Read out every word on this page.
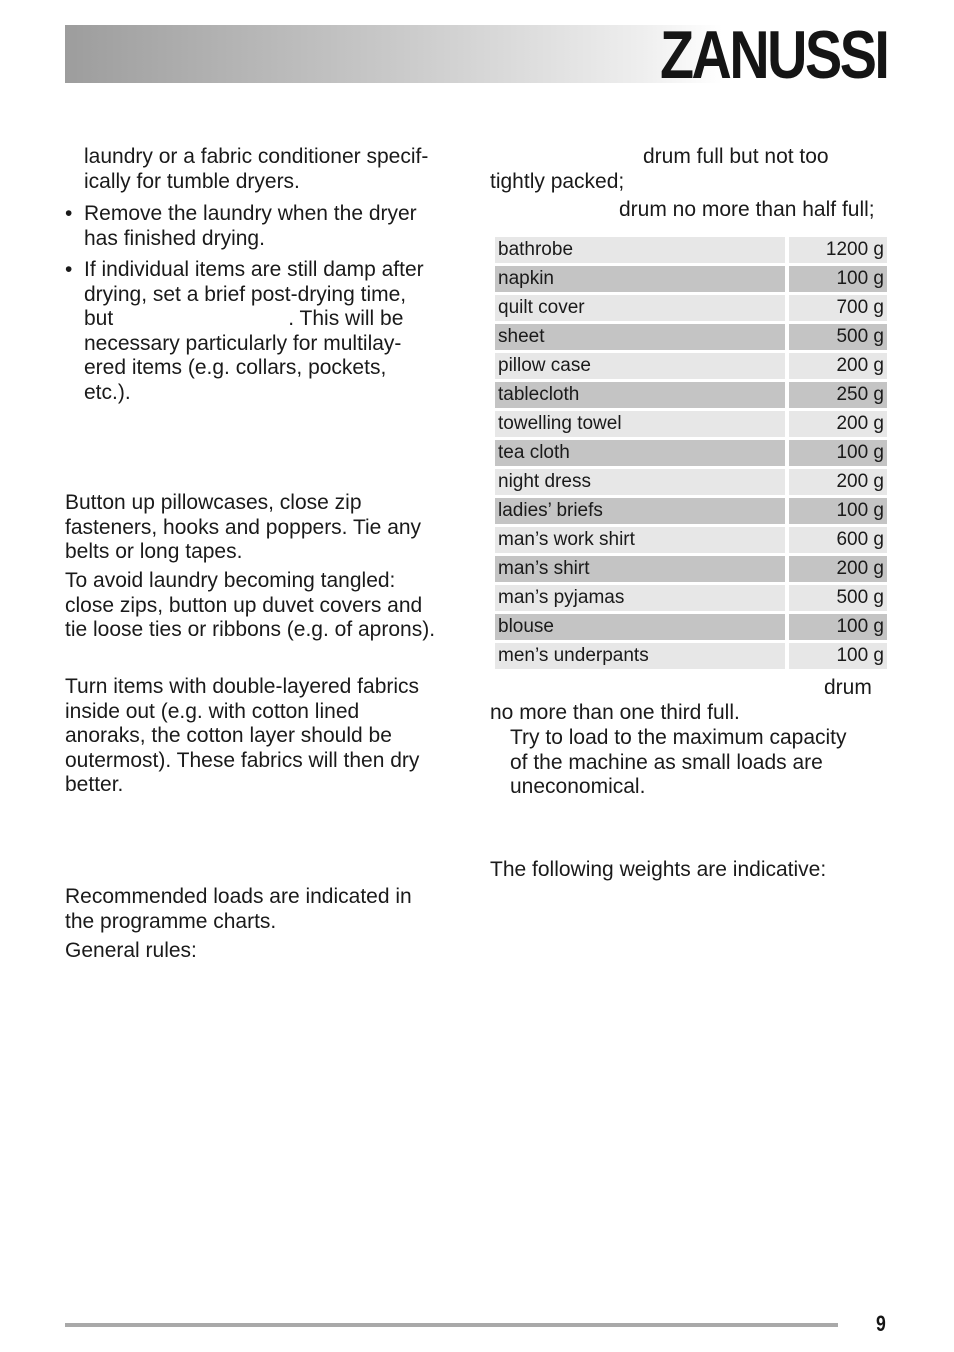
ZANUSSI

laundry or a fabric conditioner specif-
ically for tumble dryers.

• Remove the laundry when the dryer
has finished drying.
• If individual items are still damp after
drying, set a brief post-drying time,
but                              . This will be
necessary particularly for multilay-
ered items (e.g. collars, pockets,
etc.).

Button up pillowcases, close zip
fasteners, hooks and poppers. Tie any
belts or long tapes.

To avoid laundry becoming tangled:
close zips, button up duvet covers and
tie loose ties or ribbons (e.g. of aprons).

Turn items with double-layered fabrics
inside out (e.g. with cotton lined
anoraks, the cotton layer should be
outermost). These fabrics will then dry
better.

Recommended loads are indicated in
the programme charts.

General rules:

drum full but not too

tightly packed;

drum no more than half full;

bathrobe	1200 g
napkin	100 g
quilt cover	700 g
sheet	500 g
pillow case	200 g
tablecloth	250 g
towelling towel	200 g
tea cloth	100 g
night dress	200 g
ladies’ briefs	100 g
man’s work shirt	600 g
man’s shirt	200 g
man’s pyjamas	500 g
blouse	100 g
men’s underpants	100 g

drum

no more than one third full.

Try to load to the maximum capacity
of the machine as small loads are
uneconomical.

The following weights are indicative:

9
